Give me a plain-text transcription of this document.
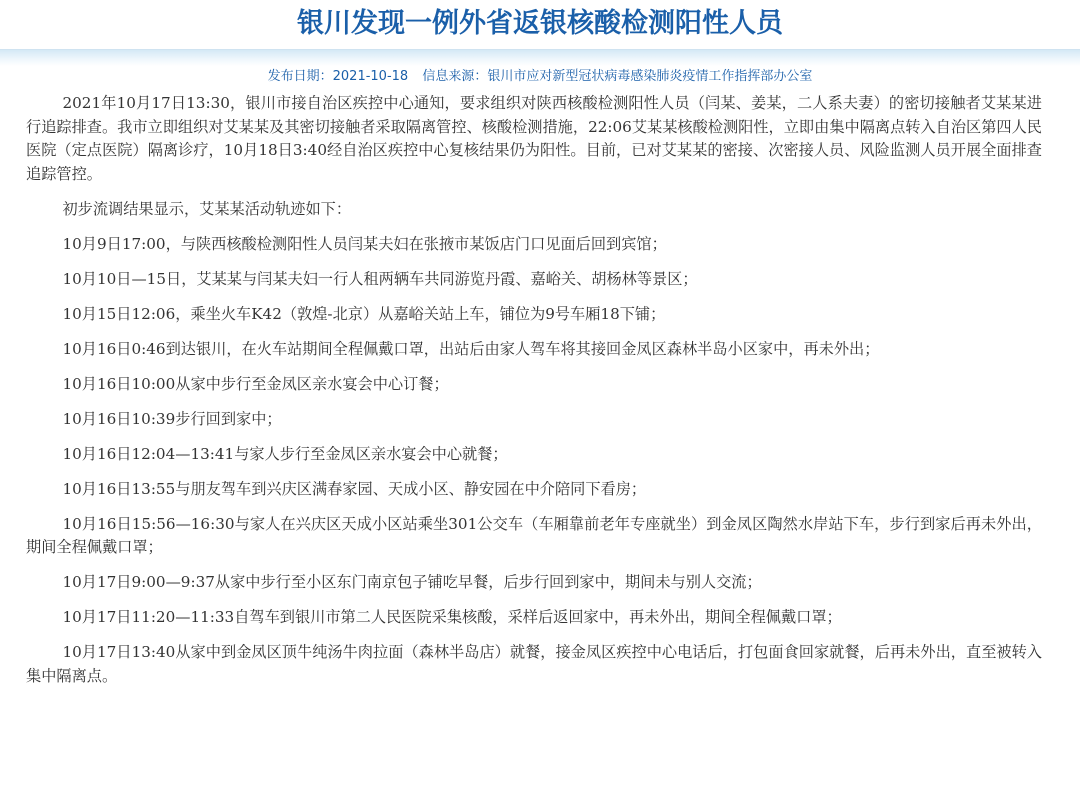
银川发现一例外省返银核酸检测阳性人员
发布日期：2021-10-18 信息来源：银川市应对新型冠状病毒感染肺炎疫情工作指挥部办公室

2021年10月17日13:30，银川市接自治区疾控中心通知，要求组织对陕西核酸检测阳性人员（闫某、姜某，二人系夫妻）的密切接触者艾某某进行追踪排查。我市立即组织对艾某某及其密切接触者采取隔离管控、核酸检测措施，22:06艾某某核酸检测阳性，立即由集中隔离点转入自治区第四人民医院（定点医院）隔离诊疗，10月18日3:40经自治区疾控中心复核结果仍为阳性。目前，已对艾某某的密接、次密接人员、风险监测人员开展全面排查追踪管控。

初步流调结果显示，艾某某活动轨迹如下：

10月9日17:00，与陕西核酸检测阳性人员闫某夫妇在张掖市某饭店门口见面后回到宾馆；

10月10日—15日，艾某某与闫某夫妇一行人租两辆车共同游览丹霞、嘉峪关、胡杨林等景区；

10月15日12:06，乘坐火车K42（敦煌-北京）从嘉峪关站上车，铺位为9号车厢18下铺；

10月16日0:46到达银川，在火车站期间全程佩戴口罩，出站后由家人驾车将其接回金凤区森林半岛小区家中，再未外出；

10月16日10:00从家中步行至金凤区亲水宴会中心订餐；

10月16日10:39步行回到家中；

10月16日12:04—13:41与家人步行至金凤区亲水宴会中心就餐；

10月16日13:55与朋友驾车到兴庆区满春家园、天成小区、静安园在中介陪同下看房；

10月16日15:56—16:30与家人在兴庆区天成小区站乘坐301公交车（车厢靠前老年专座就坐）到金凤区陶然水岸站下车，步行到家后再未外出，期间全程佩戴口罩；

10月17日9:00—9:37从家中步行至小区东门南京包子铺吃早餐，后步行回到家中，期间未与别人交流；

10月17日11:20—11:33自驾车到银川市第二人民医院采集核酸，采样后返回家中，再未外出，期间全程佩戴口罩；

10月17日13:40从家中到金凤区顶牛纯汤牛肉拉面（森林半岛店）就餐，接金凤区疾控中心电话后，打包面食回家就餐，后再未外出，直至被转入集中隔离点。
